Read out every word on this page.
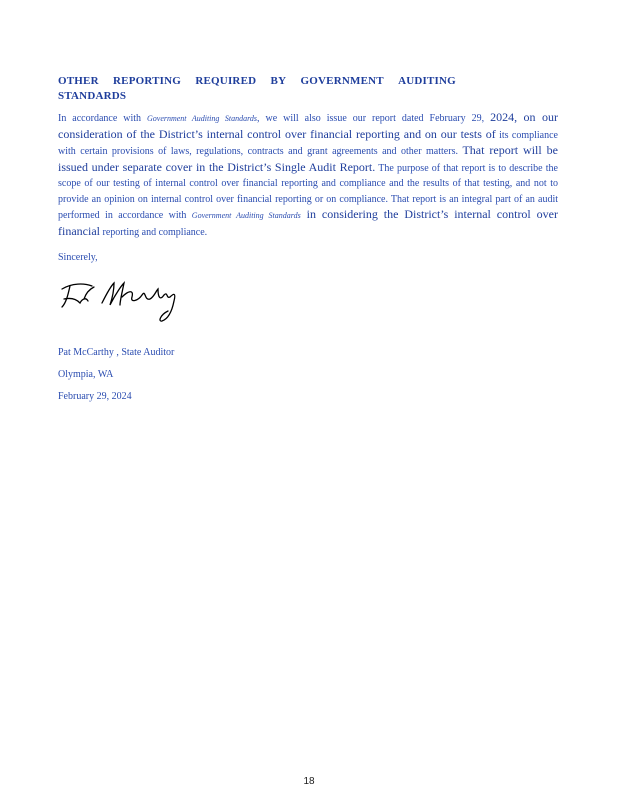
OTHER REPORTING REQUIRED BY GOVERNMENT AUDITING
STANDARDS

In accordance with Government Auditing Standards, we will also issue our report dated February 29, 2024, on our consideration of the District’s internal control over financial reporting and on our tests of its compliance with certain provisions of laws, regulations, contracts and grant agreements and other matters. That report will be issued under separate cover in the District’s Single Audit Report. The purpose of that report is to describe the scope of our testing of internal control over financial reporting and compliance and the results of that testing, and not to provide an opinion on internal control over financial reporting or on compliance. That report is an integral part of an audit performed in accordance with Government Auditing Standards in considering the District’s internal control over financial reporting and compliance.

Sincerely,
Pat McCarthy , State Auditor
Olympia, WA
February 29, 2024
18
